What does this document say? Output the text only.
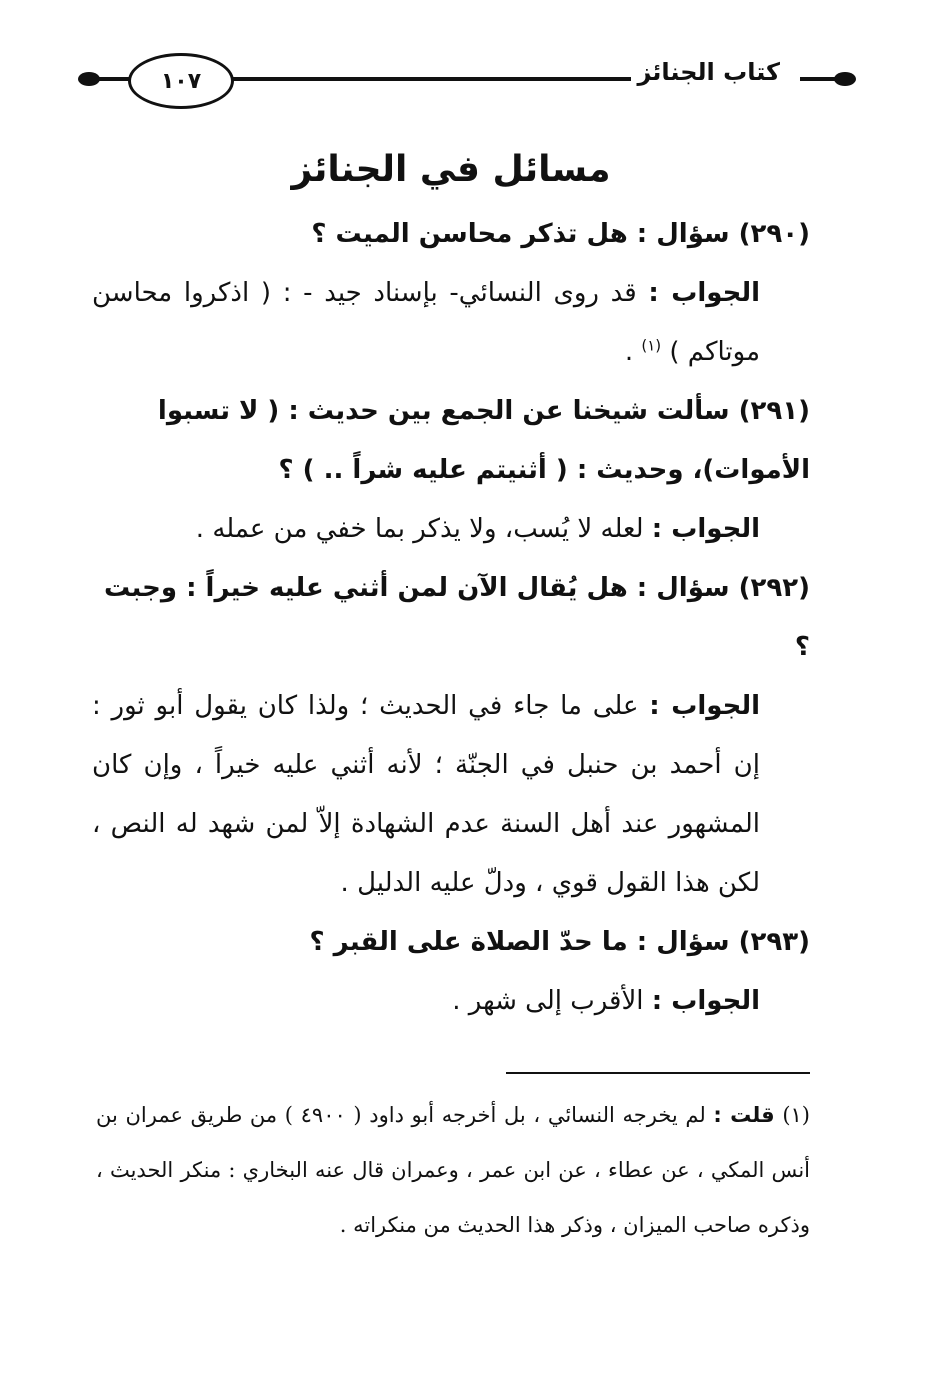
١٠٧	كتاب الجنائز
مسائل في الجنائز

(٢٩٠) سؤال : هل تذكر محاسن الميت ؟

الجواب : قد روى النسائي- بإسناد جيد - : ( اذكروا محاسن موتاكم ) $^{(١)}$ .

(٢٩١) سألت شيخنا عن الجمع بين حديث : ( لا تسبوا الأموات)، وحديث : ( أثنيتم عليه شراً .. ) ؟

الجواب : لعله لا يُسب، ولا يذكر بما خفي من عمله .

(٢٩٢) سؤال : هل يُقال الآن لمن أثني عليه خيراً : وجبت ؟

الجواب : على ما جاء في الحديث ؛ ولذا كان يقول أبو ثور : إن أحمد بن حنبل في الجنّة ؛ لأنه أثني عليه خيراً ، وإن كان المشهور عند أهل السنة عدم الشهادة إلاّ لمن شهد له النص ، لكن هذا القول قوي ، ودلّ عليه الدليل .

(٢٩٣) سؤال : ما حدّ الصلاة على القبر ؟

الجواب : الأقرب إلى شهر .

(١) قلت : لم يخرجه النسائي ، بل أخرجه أبو داود ( ٤٩٠٠ ) من طريق عمران بن أنس المكي ، عن عطاء ، عن ابن عمر ، وعمران قال عنه البخاري : منكر الحديث ، وذكره صاحب الميزان ، وذكر هذا الحديث من منكراته .
